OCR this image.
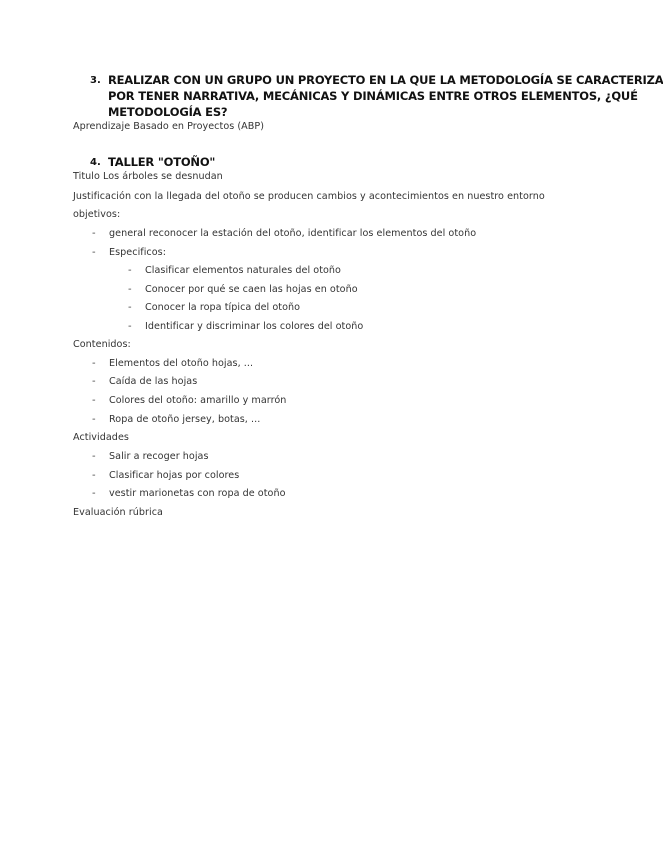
3. REALIZAR CON UN GRUPO UN PROYECTO EN LA QUE LA METODOLOGÍA SE CARACTERIZA
POR TENER NARRATIVA, MECÁNICAS Y DINÁMICAS ENTRE OTROS ELEMENTOS, ¿QUÉ
METODOLOGÍA ES?
Aprendizaje Basado en Proyectos (ABP)
4. TALLER "OTOÑO"
Titulo Los árboles se desnudan
Justificación con la llegada del otoño se producen cambios y acontecimientos en nuestro entorno
objetivos:
- general reconocer la estación del otoño, identificar los elementos del otoño
- Especificos:
- Clasificar elementos naturales del otoño
- Conocer por qué se caen las hojas en otoño
- Conocer la ropa típica del otoño
- Identificar y discriminar los colores del otoño
Contenidos:
- Elementos del otoño hojas, ...
- Caída de las hojas
- Colores del otoño: amarillo y marrón
- Ropa de otoño jersey, botas, ...
Actividades
- Salir a recoger hojas
- Clasificar hojas por colores
- vestir marionetas con ropa de otoño
Evaluación rúbrica
